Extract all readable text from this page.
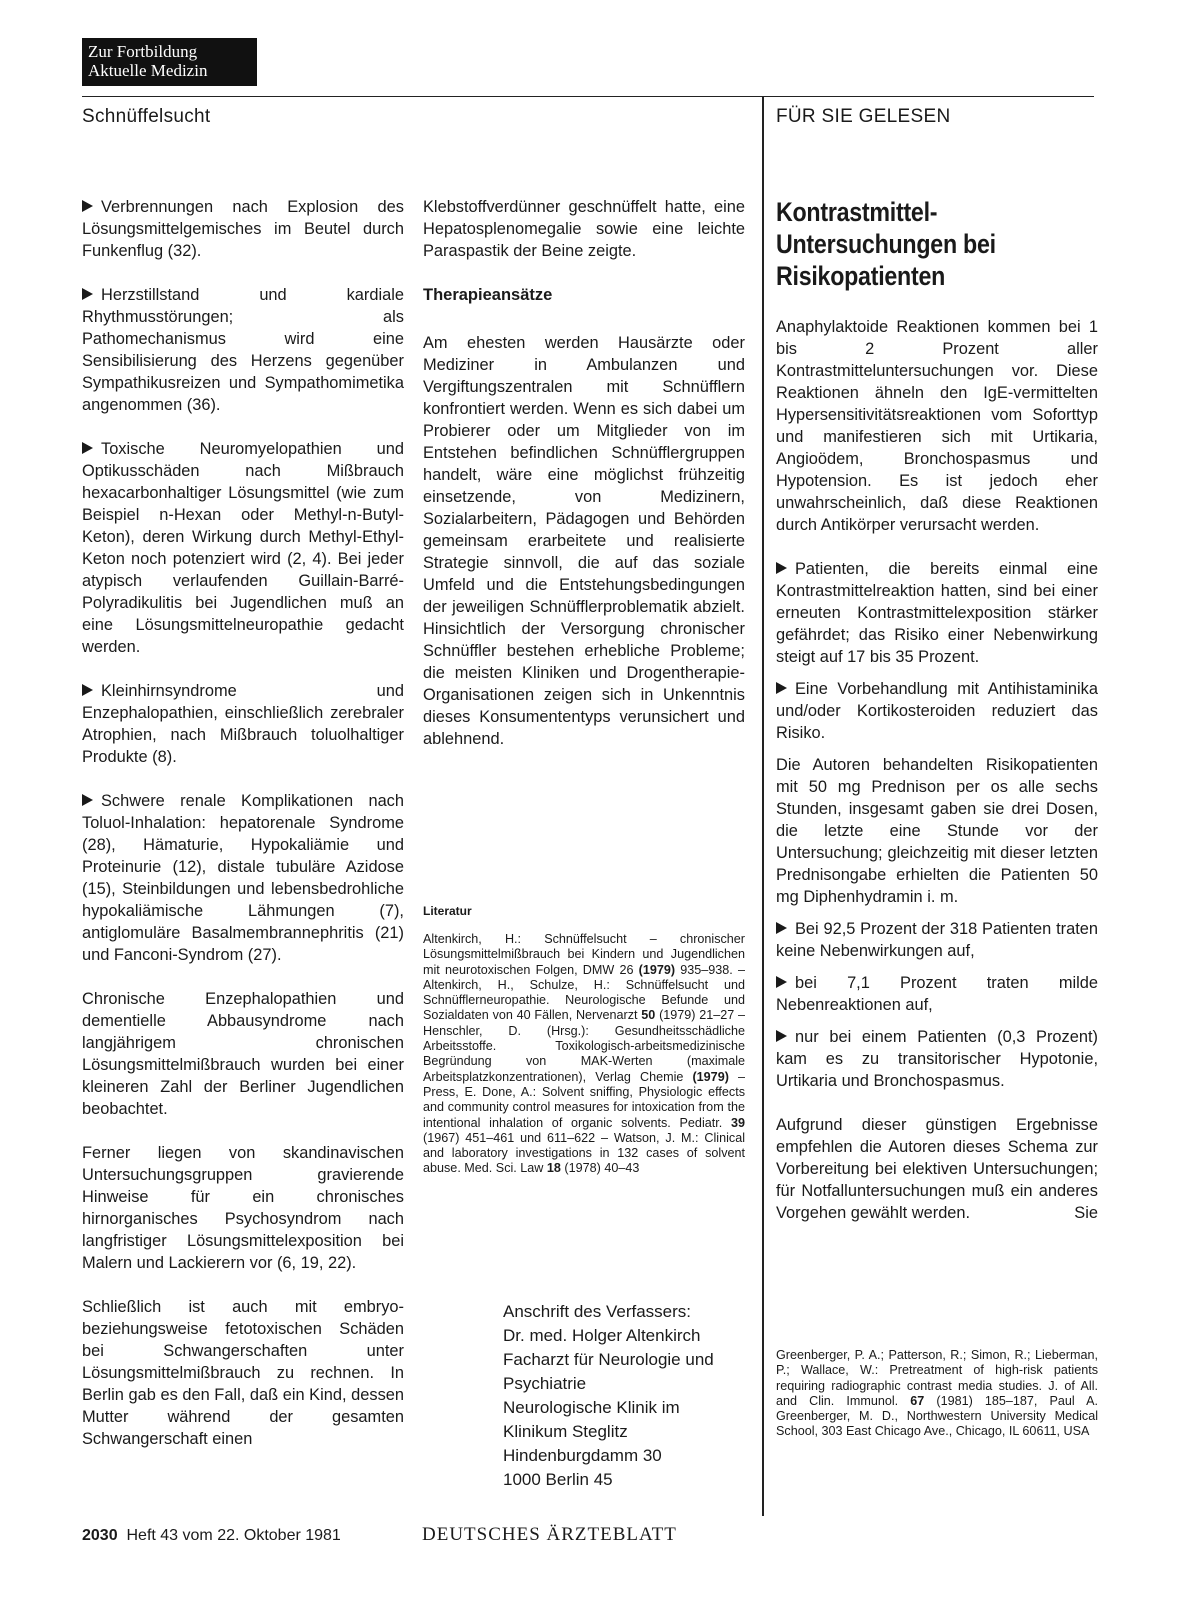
Zur Fortbildung
Aktuelle Medizin
Schnüffelsucht	FÜR SIE GELESEN

Verbrennungen nach Explosion des Lösungsmittelgemisches im Beutel durch Funkenflug (32).

Herzstillstand und kardiale Rhythmusstörungen; als Pathomechanismus wird eine Sensibilisierung des Herzens gegenüber Sympathikusreizen und Sympathomimetika angenommen (36).

Toxische Neuromyelopathien und Optikusschäden nach Mißbrauch hexacarbonhaltiger Lösungsmittel (wie zum Beispiel n-Hexan oder Methyl-n-Butyl-Keton), deren Wirkung durch Methyl-Ethyl-Keton noch potenziert wird (2, 4). Bei jeder atypisch verlaufenden Guillain-Barré-Polyradikulitis bei Jugendlichen muß an eine Lösungsmittelneuropathie gedacht werden.

Kleinhirnsyndrome und Enzephalopathien, einschließlich zerebraler Atrophien, nach Mißbrauch toluolhaltiger Produkte (8).

Schwere renale Komplikationen nach Toluol-Inhalation: hepatorenale Syndrome (28), Hämaturie, Hypokaliämie und Proteinurie (12), distale tubuläre Azidose (15), Steinbildungen und lebensbedrohliche hypokaliämische Lähmungen (7), antiglomuläre Basalmembrannephritis (21) und Fanconi-Syndrom (27).

Chronische Enzephalopathien und dementielle Abbausyndrome nach langjährigem chronischen Lösungsmittelmißbrauch wurden bei einer kleineren Zahl der Berliner Jugendlichen beobachtet.

Ferner liegen von skandinavischen Untersuchungsgruppen gravierende Hinweise für ein chronisches hirnorganisches Psychosyndrom nach langfristiger Lösungsmittelexposition bei Malern und Lackierern vor (6, 19, 22).

Schließlich ist auch mit embryo- beziehungsweise fetotoxischen Schäden bei Schwangerschaften unter Lösungsmittelmißbrauch zu rechnen. In Berlin gab es den Fall, daß ein Kind, dessen Mutter während der gesamten Schwangerschaft einen

Klebstoffverdünner geschnüffelt hatte, eine Hepatosplenomegalie sowie eine leichte Paraspastik der Beine zeigte.

Therapieansätze

Am ehesten werden Hausärzte oder Mediziner in Ambulanzen und Vergiftungszentralen mit Schnüfflern konfrontiert werden. Wenn es sich dabei um Probierer oder um Mitglieder von im Entstehen befindlichen Schnüfflergruppen handelt, wäre eine möglichst frühzeitig einsetzende, von Medizinern, Sozialarbeitern, Pädagogen und Behörden gemeinsam erarbeitete und realisierte Strategie sinnvoll, die auf das soziale Umfeld und die Entstehungsbedingungen der jeweiligen Schnüfflerproblematik abzielt. Hinsichtlich der Versorgung chronischer Schnüffler bestehen erhebliche Probleme; die meisten Kliniken und Drogentherapie-Organisationen zeigen sich in Unkenntnis dieses Konsumententyps verunsichert und ablehnend.

Literatur
Altenkirch, H.: Schnüffelsucht – chronischer Lösungsmittelmißbrauch bei Kindern und Jugendlichen mit neurotoxischen Folgen, DMW 26 (1979) 935–938. – Altenkirch, H., Schulze, H.: Schnüffelsucht und Schnüfflerneuropathie. Neurologische Befunde und Sozialdaten von 40 Fällen, Nervenarzt 50 (1979) 21–27 – Henschler, D. (Hrsg.): Gesundheitsschädliche Arbeitsstoffe. Toxikologisch-arbeitsmedizinische Begründung von MAK-Werten (maximale Arbeitsplatzkonzentrationen), Verlag Chemie (1979) – Press, E. Done, A.: Solvent sniffing, Physiologic effects and community control measures for intoxication from the intentional inhalation of organic solvents. Pediatr. 39 (1967) 451–461 und 611–622 – Watson, J. M.: Clinical and laboratory investigations in 132 cases of solvent abuse. Med. Sci. Law 18 (1978) 40–43
Anschrift des Verfassers:
Dr. med. Holger Altenkirch
Facharzt für Neurologie und
Psychiatrie
Neurologische Klinik im
Klinikum Steglitz
Hindenburgdamm 30
1000 Berlin 45
Kontrastmittel-Untersuchungen bei Risikopatienten

Anaphylaktoide Reaktionen kommen bei 1 bis 2 Prozent aller Kontrastmitteluntersuchungen vor. Diese Reaktionen ähneln den IgE-vermittelten Hypersensitivitätsreaktionen vom Soforttyp und manifestieren sich mit Urtikaria, Angioödem, Bronchospasmus und Hypotension. Es ist jedoch eher unwahrscheinlich, daß diese Reaktionen durch Antikörper verursacht werden.

Patienten, die bereits einmal eine Kontrastmittelreaktion hatten, sind bei einer erneuten Kontrastmittelexposition stärker gefährdet; das Risiko einer Nebenwirkung steigt auf 17 bis 35 Prozent.

Eine Vorbehandlung mit Antihistaminika und/oder Kortikosteroiden reduziert das Risiko.

Die Autoren behandelten Risikopatienten mit 50 mg Prednison per os alle sechs Stunden, insgesamt gaben sie drei Dosen, die letzte eine Stunde vor der Untersuchung; gleichzeitig mit dieser letzten Prednisongabe erhielten die Patienten 50 mg Diphenhydramin i. m.

Bei 92,5 Prozent der 318 Patienten traten keine Nebenwirkungen auf,

bei 7,1 Prozent traten milde Nebenreaktionen auf,

nur bei einem Patienten (0,3 Prozent) kam es zu transitorischer Hypotonie, Urtikaria und Bronchospasmus.

Aufgrund dieser günstigen Ergebnisse empfehlen die Autoren dieses Schema zur Vorbereitung bei elektiven Untersuchungen; für Notfalluntersuchungen muß ein anderes Vorgehen gewählt werden.	Sie

Greenberger, P. A.; Patterson, R.; Simon, R.; Lieberman, P.; Wallace, W.: Pretreatment of high-risk patients requiring radiographic contrast media studies. J. of All. and Clin. Immunol. 67 (1981) 185–187, Paul A. Greenberger, M. D., Northwestern University Medical School, 303 East Chicago Ave., Chicago, IL 60611, USA
2030 Heft 43 vom 22. Oktober 1981	DEUTSCHES ÄRZTEBLATT
